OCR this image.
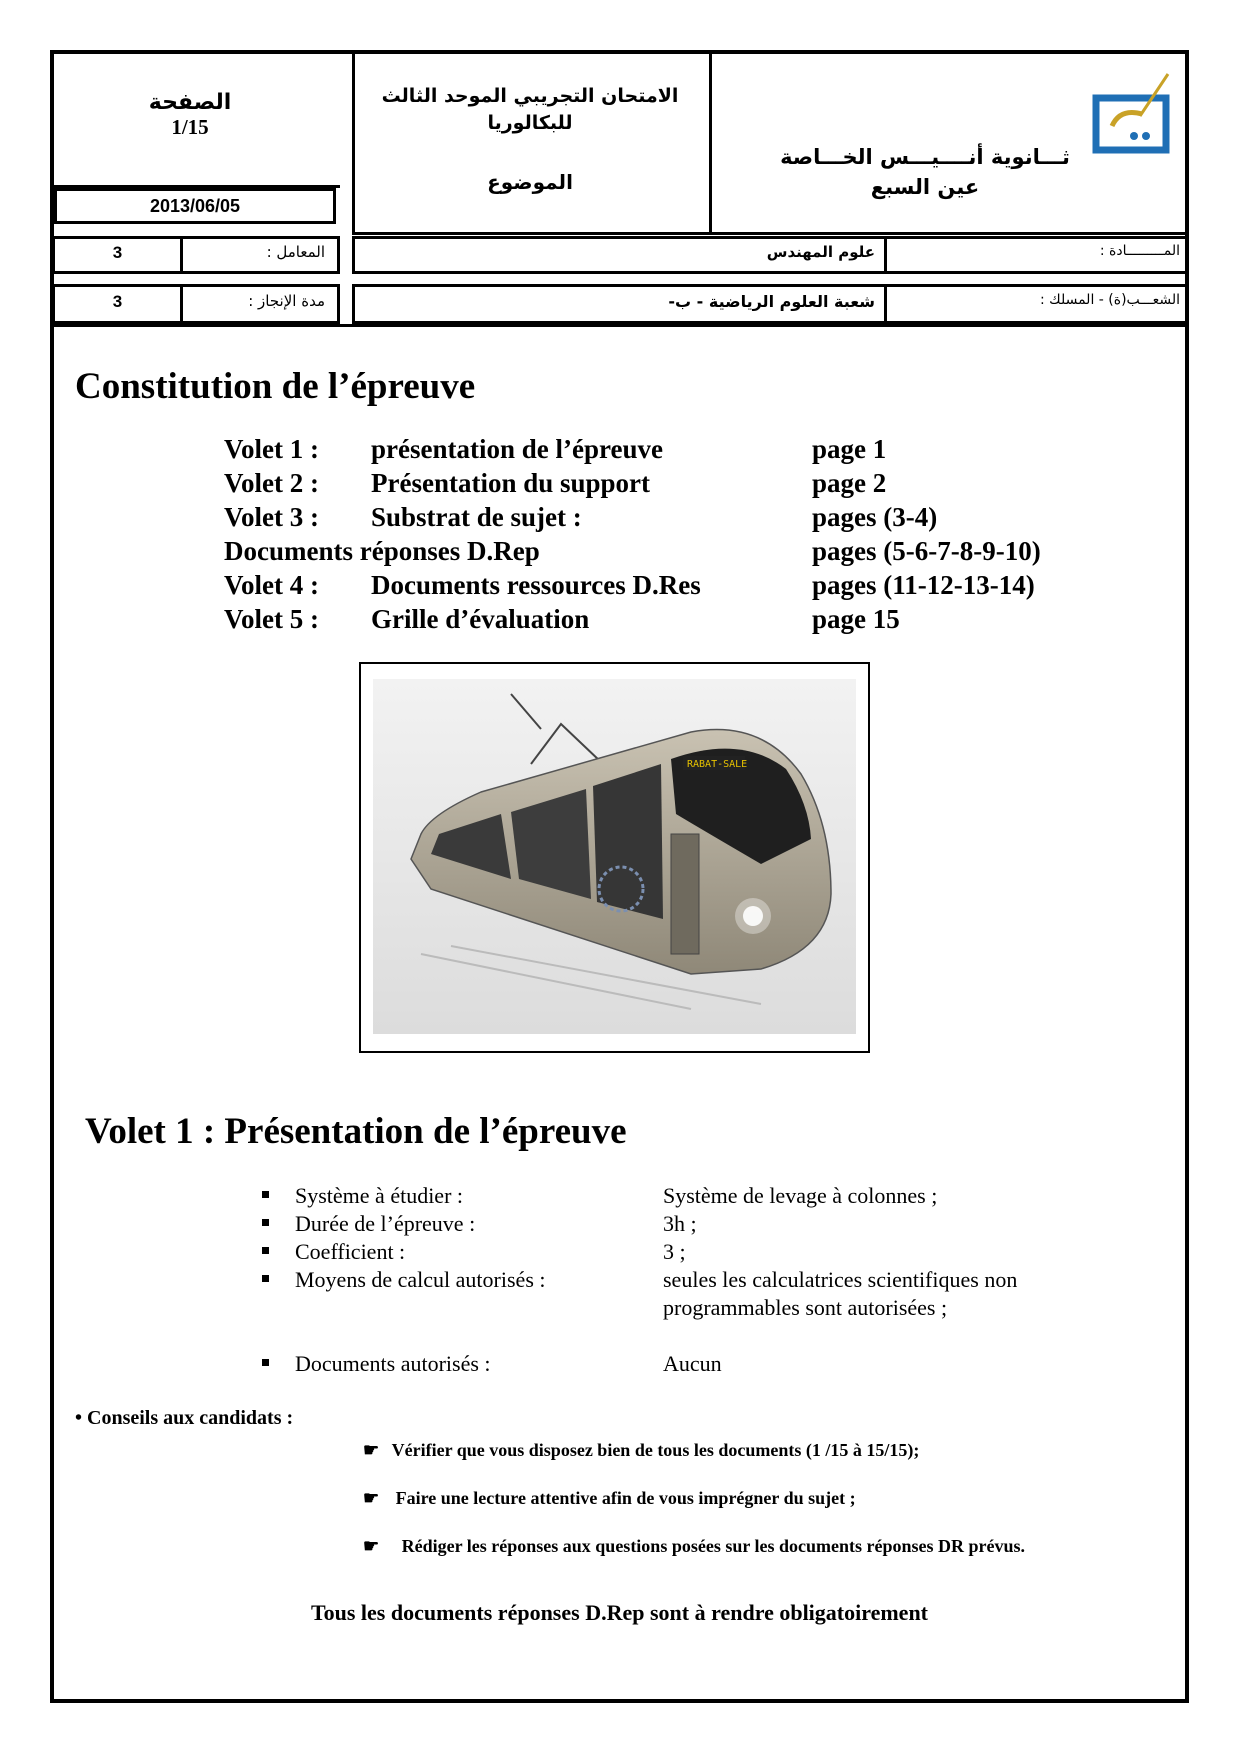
الصفحة
1/15
2013/06/05
الامتحان التجريبي الموحد الثالث
للبكالوريا
الموضوع
ثـــانوية أنــــيـــس الخـــاصة
عين السبع
3	المعامل :	علوم المهندس	المـــــــــادة :
3	مدة الإنجاز :	شعبة العلوم الرياضية - ب-	الشعـــب(ة) - المسلك :
Constitution de l’épreuve
Volet 1 : présentation de l’épreuve	page 1
Volet 2 : Présentation du support	page 2
Volet 3 : Substrat de sujet :	pages (3-4)
Documents réponses D.Rep	pages (5-6-7-8-9-10)
Volet 4 : Documents ressources D.Res	pages (11-12-13-14)
Volet 5 : Grille d’évaluation	page 15
RABAT-SALE
Volet 1 : Présentation de l’épreuve
Système à étudier :	Système de levage à colonnes ;
Durée de l’épreuve :	3h ;
Coefficient :	3 ;
Moyens de calcul autorisés :	seules les calculatrices scientifiques non
programmables sont autorisées ;
Documents autorisés :	Aucun
• Conseils aux candidats :
☛ Vérifier que vous disposez bien de tous les documents (1 /15 à 15/15);
☛ Faire une lecture attentive afin de vous imprégner du sujet ;
☛ Rédiger les réponses aux questions posées sur les documents réponses DR prévus.
Tous les documents réponses D.Rep sont à rendre obligatoirement
